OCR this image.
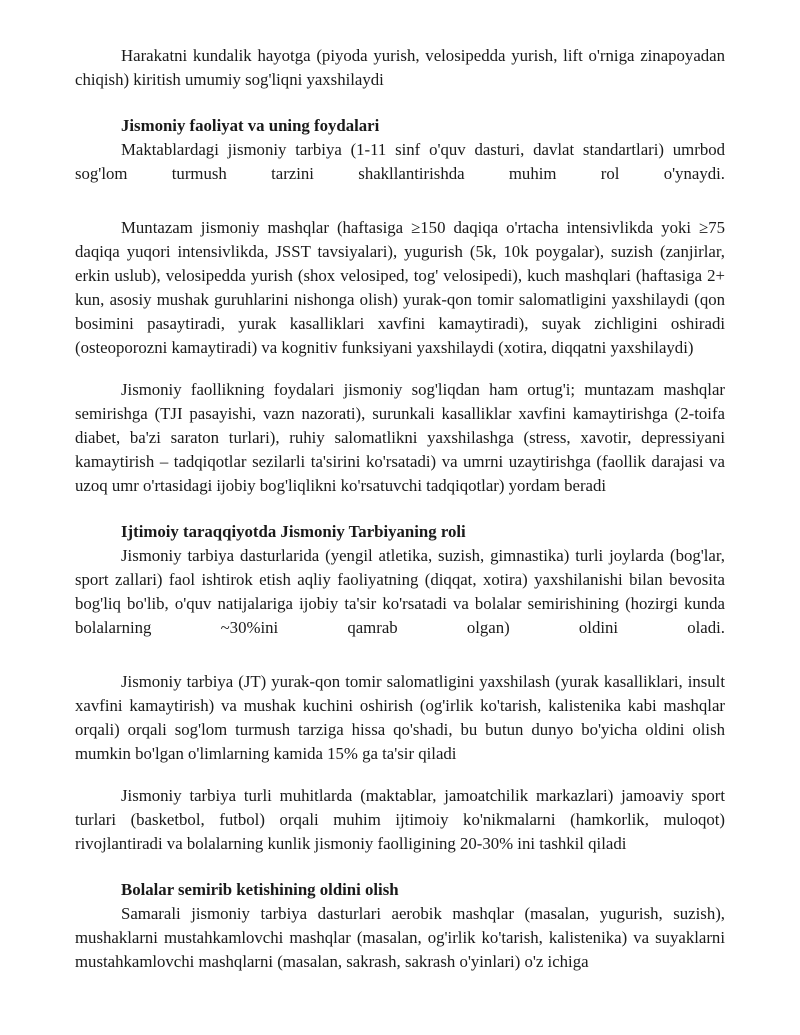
Harakatni kundalik hayotga (piyoda yurish, velosipedda yurish, lift o'rniga zinapoyadan chiqish) kiritish umumiy sog'liqni yaxshilaydi

Jismoniy faoliyat va uning foydalari

Maktablardagi jismoniy tarbiya (1-11 sinf o'quv dasturi, davlat standartlari) umrbod sog'lom turmush tarzini shakllantirishda muhim rol o'ynaydi.

Muntazam jismoniy mashqlar (haftasiga ≥150 daqiqa o'rtacha intensivlikda yoki ≥75 daqiqa yuqori intensivlikda, JSST tavsiyalari), yugurish (5k, 10k poygalar), suzish (zanjirlar, erkin uslub), velosipedda yurish (shox velosiped, tog' velosipedi), kuch mashqlari (haftasiga 2+ kun, asosiy mushak guruhlarini nishonga olish) yurak-qon tomir salomatligini yaxshilaydi (qon bosimini pasaytiradi, yurak kasalliklari xavfini kamaytiradi), suyak zichligini oshiradi (osteoporozni kamaytiradi) va kognitiv funksiyani yaxshilaydi (xotira, diqqatni yaxshilaydi)

Jismoniy faollikning foydalari jismoniy sog'liqdan ham ortug'i; muntazam mashqlar semirishga (TJI pasayishi, vazn nazorati), surunkali kasalliklar xavfini kamaytirishga (2-toifa diabet, ba'zi saraton turlari), ruhiy salomatlikni yaxshilashga (stress, xavotir, depressiyani kamaytirish – tadqiqotlar sezilarli ta'sirini ko'rsatadi) va umrni uzaytirishga (faollik darajasi va uzoq umr o'rtasidagi ijobiy bog'liqlikni ko'rsatuvchi tadqiqotlar) yordam beradi

Ijtimoiy taraqqiyotda Jismoniy Tarbiyaning roli

Jismoniy tarbiya dasturlarida (yengil atletika, suzish, gimnastika) turli joylarda (bog'lar, sport zallari) faol ishtirok etish aqliy faoliyatning (diqqat, xotira) yaxshilanishi bilan bevosita bog'liq bo'lib, o'quv natijalariga ijobiy ta'sir ko'rsatadi va bolalar semirishining (hozirgi kunda bolalarning ~30%ini qamrab olgan) oldini oladi.

Jismoniy tarbiya (JT) yurak-qon tomir salomatligini yaxshilash (yurak kasalliklari, insult xavfini kamaytirish) va mushak kuchini oshirish (og'irlik ko'tarish, kalistenika kabi mashqlar orqali) orqali sog'lom turmush tarziga hissa qo'shadi, bu butun dunyo bo'yicha oldini olish mumkin bo'lgan o'limlarning kamida 15% ga ta'sir qiladi

Jismoniy tarbiya turli muhitlarda (maktablar, jamoatchilik markazlari) jamoaviy sport turlari (basketbol, futbol) orqali muhim ijtimoiy ko'nikmalarni (hamkorlik, muloqot) rivojlantiradi va bolalarning kunlik jismoniy faolligining 20-30% ini tashkil qiladi

Bolalar semirib ketishining oldini olish

Samarali jismoniy tarbiya dasturlari aerobik mashqlar (masalan, yugurish, suzish), mushaklarni mustahkamlovchi mashqlar (masalan, og'irlik ko'tarish, kalistenika) va suyaklarni mustahkamlovchi mashqlarni (masalan, sakrash, sakrash o'yinlari) o'z ichiga
